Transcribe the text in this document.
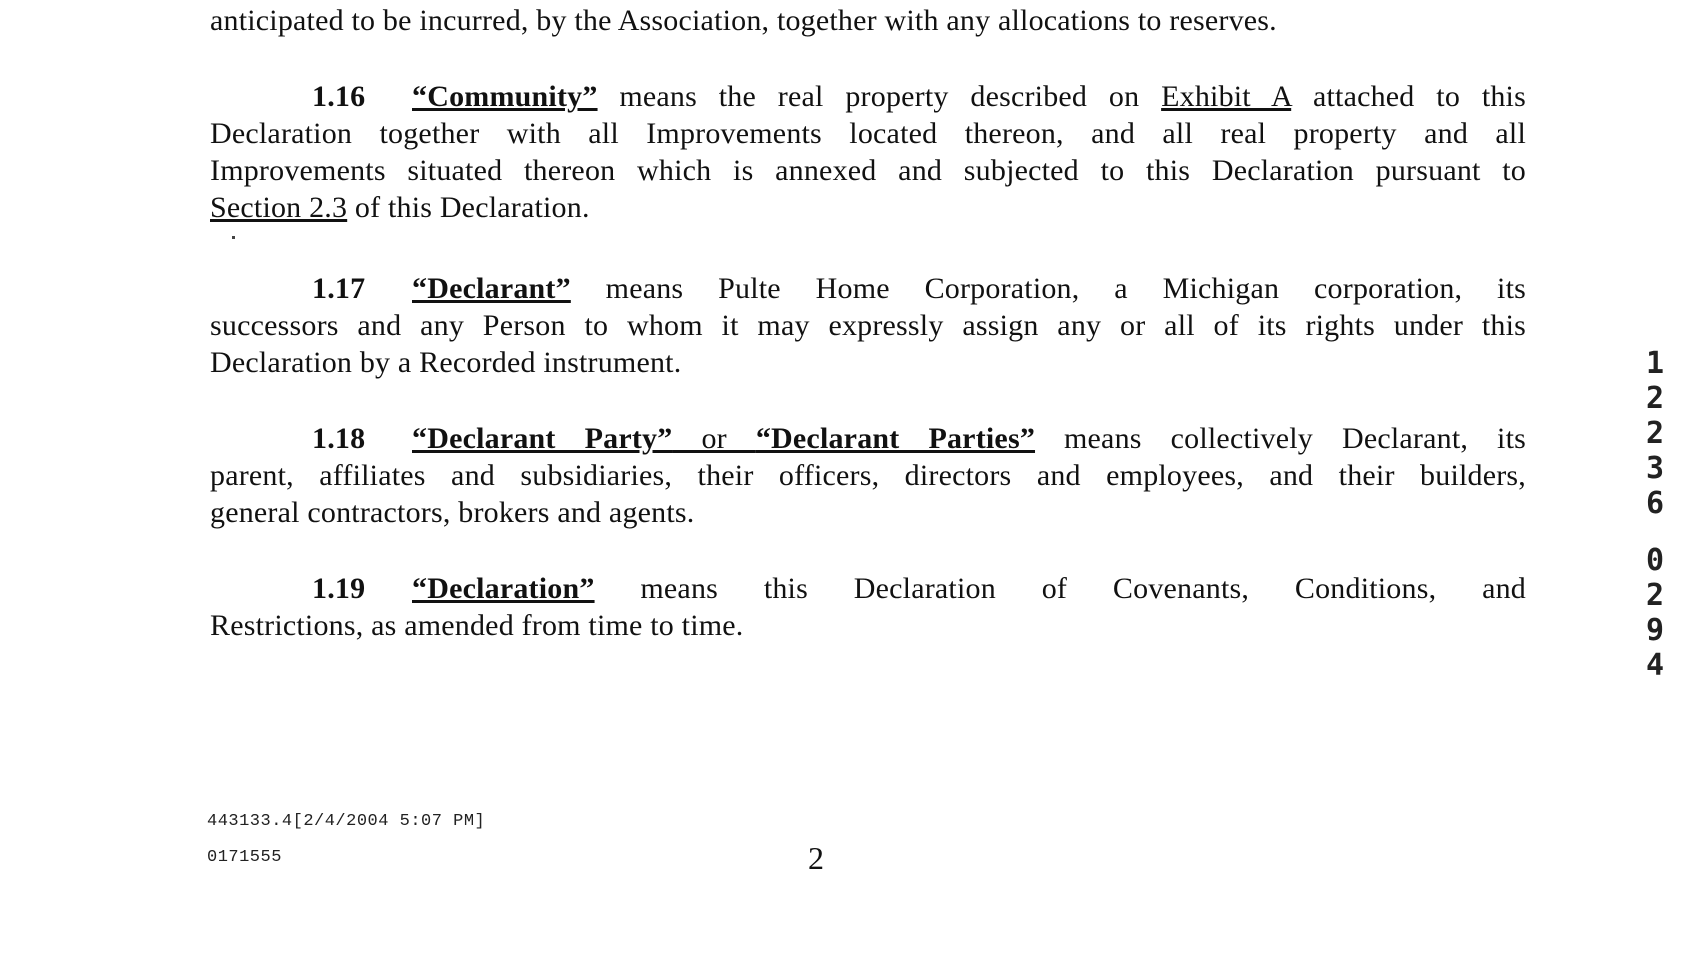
anticipated to be incurred, by the Association, together with any allocations to reserves.
1.16 “Community” means the real property described on Exhibit A attached to this
Declaration together with all Improvements located thereon, and all real property and all
Improvements situated thereon which is annexed and subjected to this Declaration pursuant to
Section 2.3 of this Declaration.
1.17 “Declarant” means Pulte Home Corporation, a Michigan corporation, its
successors and any Person to whom it may expressly assign any or all of its rights under this
Declaration by a Recorded instrument.
1.18 “Declarant Party” or “Declarant Parties” means collectively Declarant, its
parent, affiliates and subsidiaries, their officers, directors and employees, and their builders,
general contractors, brokers and agents.
1.19 “Declaration” means this Declaration of Covenants, Conditions, and
Restrictions, as amended from time to time.
443133.4[2/4/2004 5:07 PM]
0171555	2
1
2
2
3
6
0
2
9
4
